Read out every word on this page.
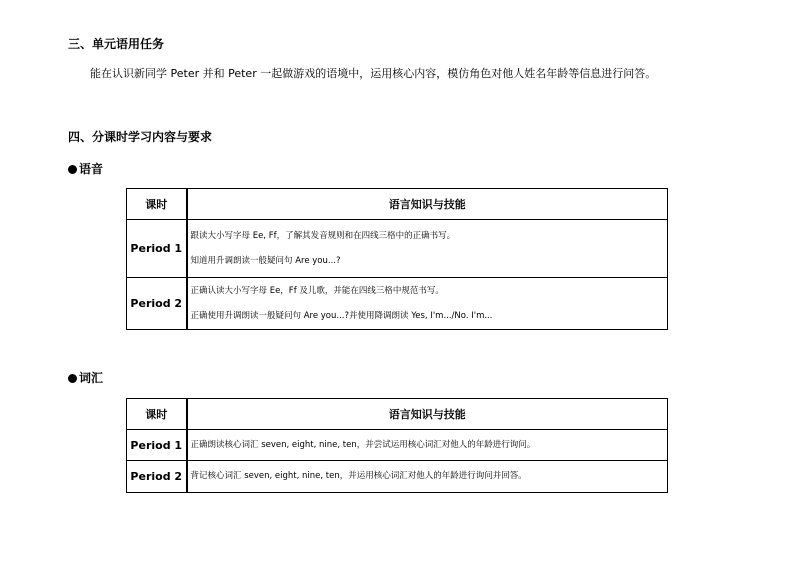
三、单元语用任务
能在认识新同学 Peter 并和 Peter 一起做游戏的语境中，运用核心内容，模仿角色对他人姓名年龄等信息进行问答。
四、分课时学习内容与要求
语音
课时	语言知识与技能
Period 1	跟读大小写字母 Ee, Ff，了解其发音规则和在四线三格中的正确书写。
知道用升调朗读一般疑问句 Are you...?

Period 2	正确认读大小写字母 Ee，Ff 及儿歌，并能在四线三格中规范书写。
正确使用升调朗读一般疑问句 Are you...?并使用降调朗读 Yes, I'm.../No. I'm...
词汇
课时	语言知识与技能
Period 1	正确朗读核心词汇 seven, eight, nine, ten，并尝试运用核心词汇对他人的年龄进行询问。

Period 2	背记核心词汇 seven, eight, nine, ten，并运用核心词汇对他人的年龄进行询问并回答。
